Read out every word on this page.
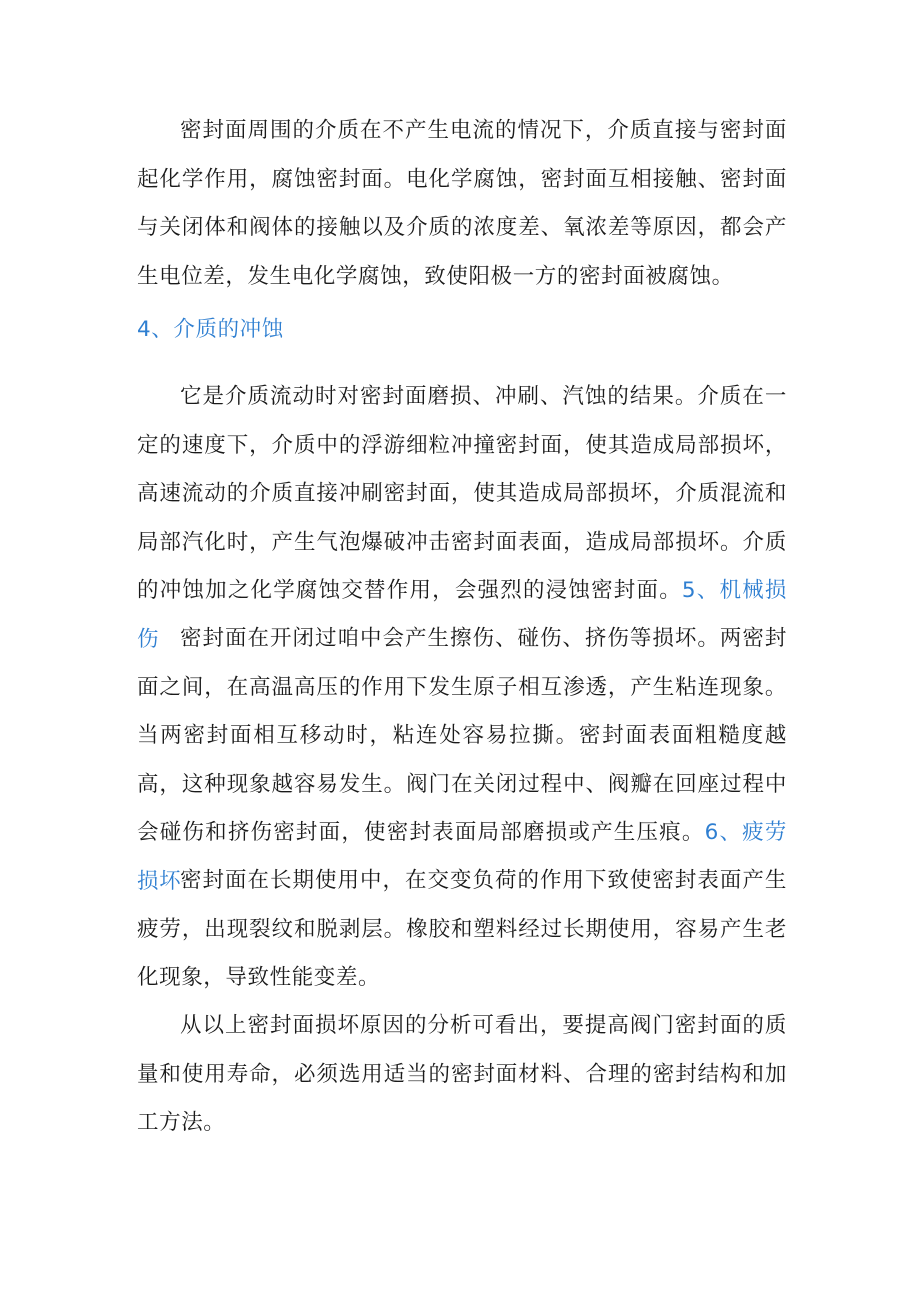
密封面周围的介质在不产生电流的情况下，介质直接与密封面起化学作用，腐蚀密封面。电化学腐蚀，密封面互相接触、密封面与关闭体和阀体的接触以及介质的浓度差、氧浓差等原因，都会产生电位差，发生电化学腐蚀，致使阳极一方的密封面被腐蚀。

4、介质的冲蚀

它是介质流动时对密封面磨损、冲刷、汽蚀的结果。介质在一定的速度下，介质中的浮游细粒冲撞密封面，使其造成局部损坏，高速流动的介质直接冲刷密封面，使其造成局部损坏，介质混流和局部汽化时，产生气泡爆破冲击密封面表面，造成局部损坏。介质的冲蚀加之化学腐蚀交替作用，会强烈的浸蚀密封面。5、机械损伤 密封面在开闭过咱中会产生擦伤、碰伤、挤伤等损坏。两密封面之间，在高温高压的作用下发生原子相互渗透，产生粘连现象。当两密封面相互移动时，粘连处容易拉撕。密封面表面粗糙度越高，这种现象越容易发生。阀门在关闭过程中、阀瓣在回座过程中会碰伤和挤伤密封面，使密封表面局部磨损或产生压痕。6、疲劳损坏

密封面在长期使用中，在交变负荷的作用下致使密封表面产生疲劳，出现裂纹和脱剥层。橡胶和塑料经过长期使用，容易产生老化现象，导致性能变差。

从以上密封面损坏原因的分析可看出，要提高阀门密封面的质量和使用寿命，必须选用适当的密封面材料、合理的密封结构和加工方法。
